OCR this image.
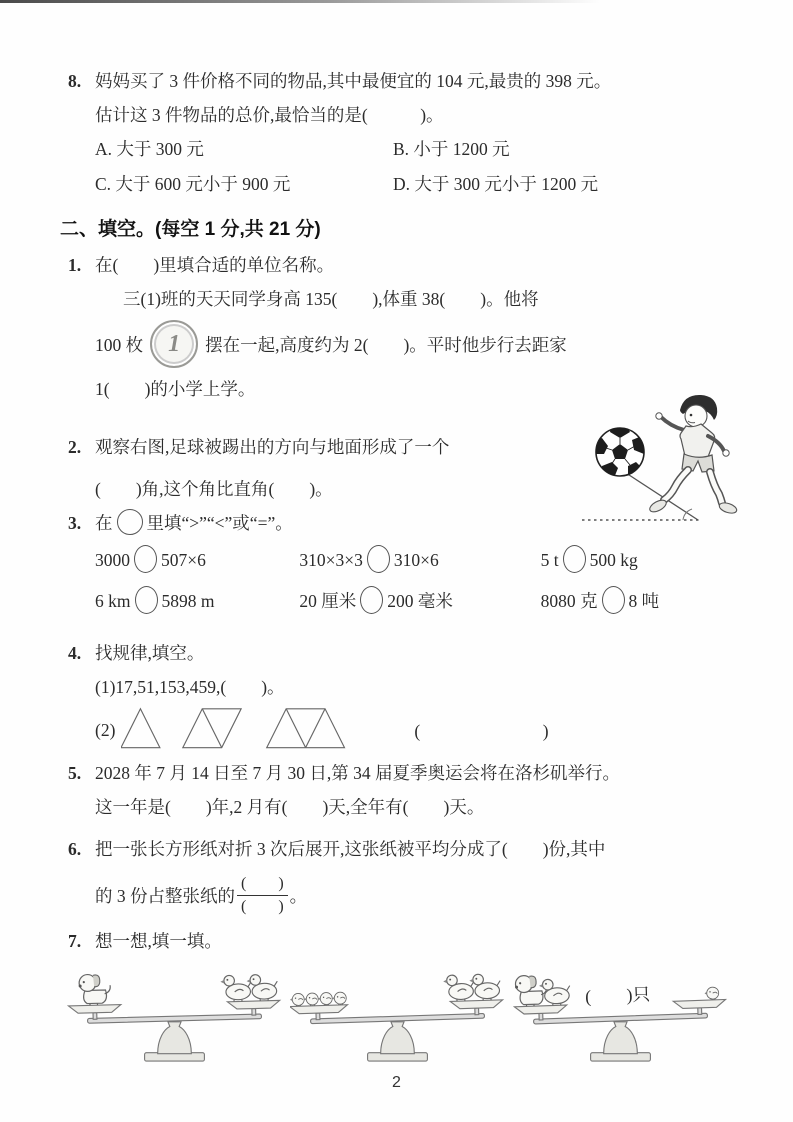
8. 妈妈买了 3 件价格不同的物品,其中最便宜的 104 元,最贵的 398 元。
估计这 3 件物品的总价,最恰当的是(　　　)。
A. 大于 300 元	B. 小于 1200 元
C. 大于 600 元小于 900 元	D. 大于 300 元小于 1200 元
二、填空。(每空 1 分,共 21 分)
1. 在(　　)里填合适的单位名称。
三(1)班的天天同学身高 135(　　),体重 38(　　)。他将
100 枚	1	摆在一起,高度约为 2(　　)。平时他步行去距家
1(　　)的小学上学。
2. 观察右图,足球被踢出的方向与地面形成了一个
(　　)角,这个角比直角(　　)。
3. 在 里填“>”“<”或“=”。
3000 507×6	310×3×3 310×6	5 t 500 kg
6 km 5898 m	20 厘米 200 毫米	8080 克 8 吨
4. 找规律,填空。
(1)17,51,153,459,(　　)。
(2)	(　　　　　　　)
5. 2028 年 7 月 14 日至 7 月 30 日,第 34 届夏季奥运会将在洛杉矶举行。
这一年是(　　)年,2 月有(　　)天,全年有(　　)天。
6. 把一张长方形纸对折 3 次后展开,这张纸被平均分成了(　　)份,其中
的 3 份占整张纸的 $\frac{( )}{( )}$ 。
7. 想一想,填一填。
(　　)只
2
